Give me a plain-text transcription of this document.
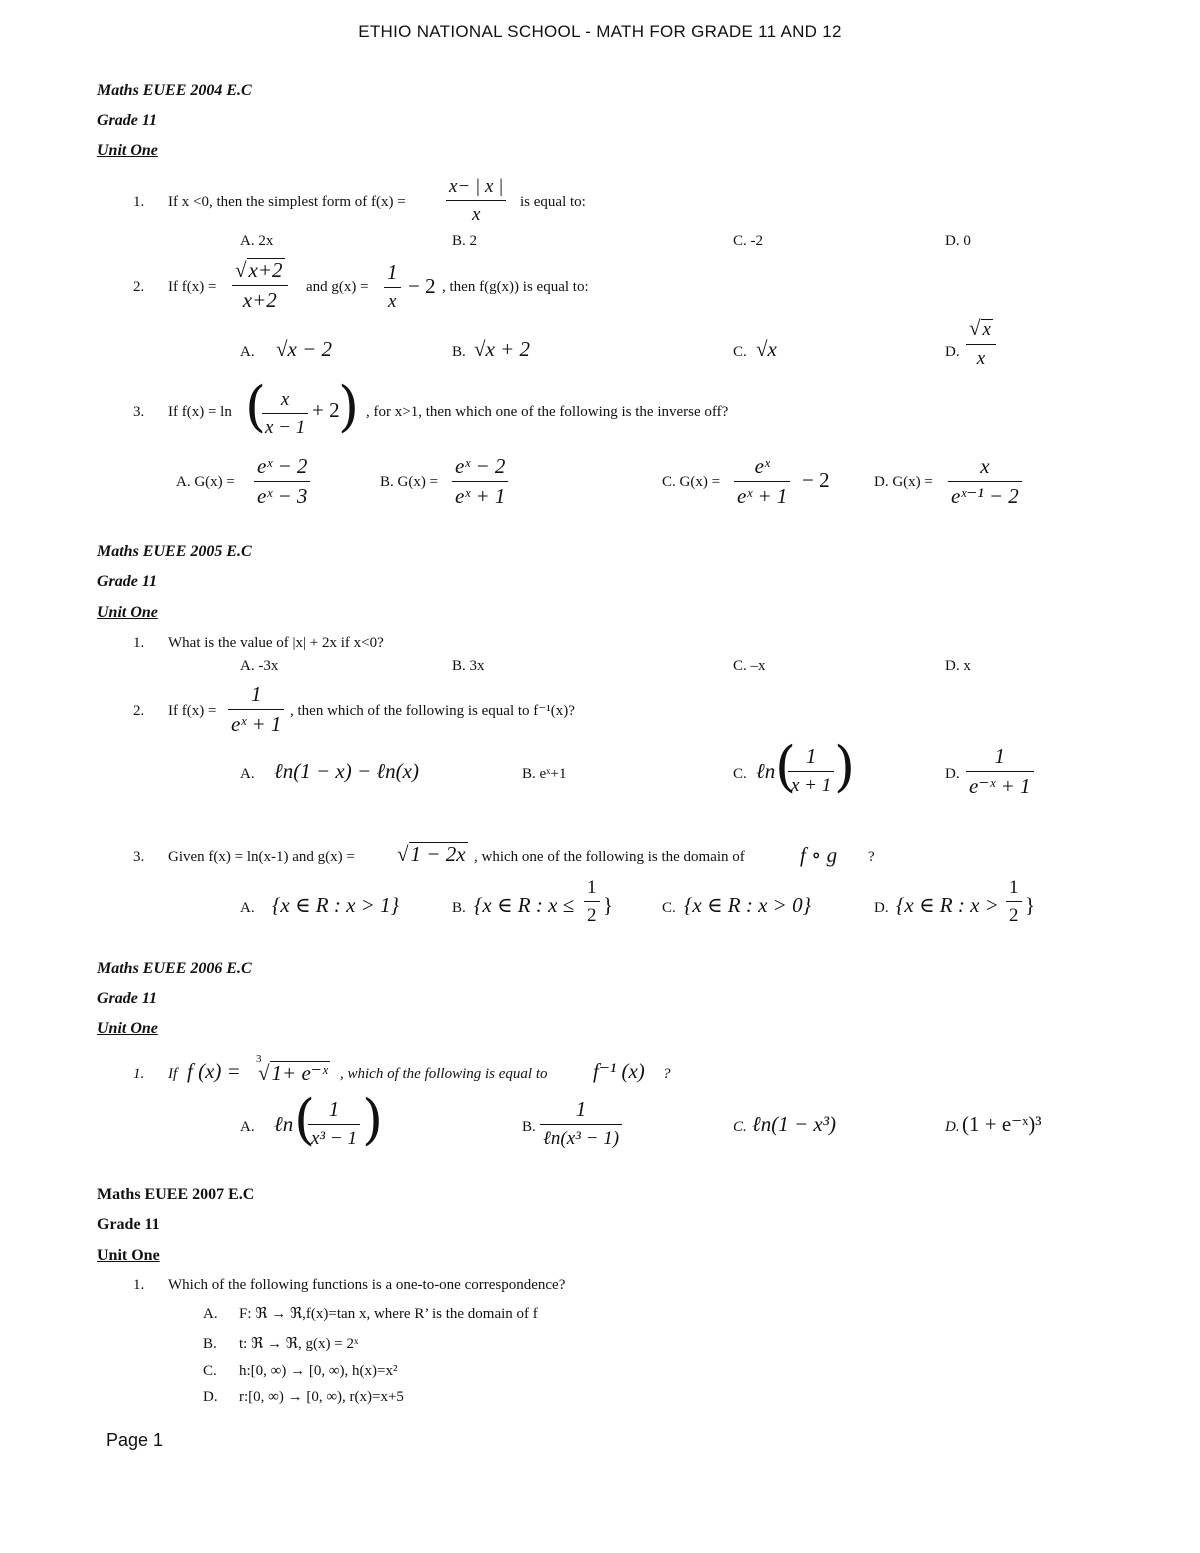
ETHIO NATIONAL SCHOOL - MATH FOR GRADE 11 AND 12
Maths EUEE 2004 E.C
Grade 11
Unit One
1. If x <0, then the simplest form of f(x) =
x− | x |
x
is equal to:
A. 2x	B. 2	C. -2	D. 0
2. If f(x) =
√x+2
x+2
and g(x) =
1
x
− 2 , then f(g(x)) is equal to:
A. √x − 2	B. √x + 2	C. √x	D.
√ x
x
3. If f(x) = ln ( x
x − 1
+ 2
) , for x>1, then which one of the following is the inverse off?
A. G(x) =
eˣ − 2
eˣ − 3
B. G(x) =
eˣ − 2
eˣ + 1
C. G(x) =
eˣ
eˣ + 1
− 2	D. G(x) =
x
eˣ⁻¹ − 2
Maths EUEE 2005 E.C
Grade 11
Unit One
1. What is the value of |x| + 2x if x<0?
A. -3x	B. 3x	C. –x	D. x
2. If f(x) =
1
eˣ + 1
, then which of the following is equal to f⁻¹(x)?
A. ℓn(1 − x) − ℓn(x)	B. eˣ+1	C. ℓn ( 1
x + 1 )	D.
1
e⁻ˣ + 1
3. Given f(x) = ln(x-1) and g(x) = √1 − 2x , which one of the following is the domain of	f ∘ g ?
A. {x ∈ R : x > 1}	B. {x ∈ R : x ≤
1
2 }	C. {x ∈ R : x > 0}	D. {x ∈ R : x >
1
2 }
Maths EUEE 2006 E.C
Grade 11
Unit One
1. If f (x) = 3
√1+ e⁻ˣ , which of the following is equal to f⁻¹ (x) ?
A. ℓn ( 1
x³ − 1 )	B.
1
ℓn(x³ − 1)
C. ℓn(1 − x³)	D. (1 + e⁻ˣ)³
Maths EUEE 2007 E.C
Grade 11
Unit One
1. Which of the following functions is a one-to-one correspondence?
A. F: ℜ → ℜ,f(x)=tan x, where R’ is the domain of f
B. t: ℜ → ℜ, g(x) = 2ˣ
C. h:[0, ∞) → [0, ∞), h(x)=x²
D. r:[0, ∞) → [0, ∞), r(x)=x+5
Page 1
